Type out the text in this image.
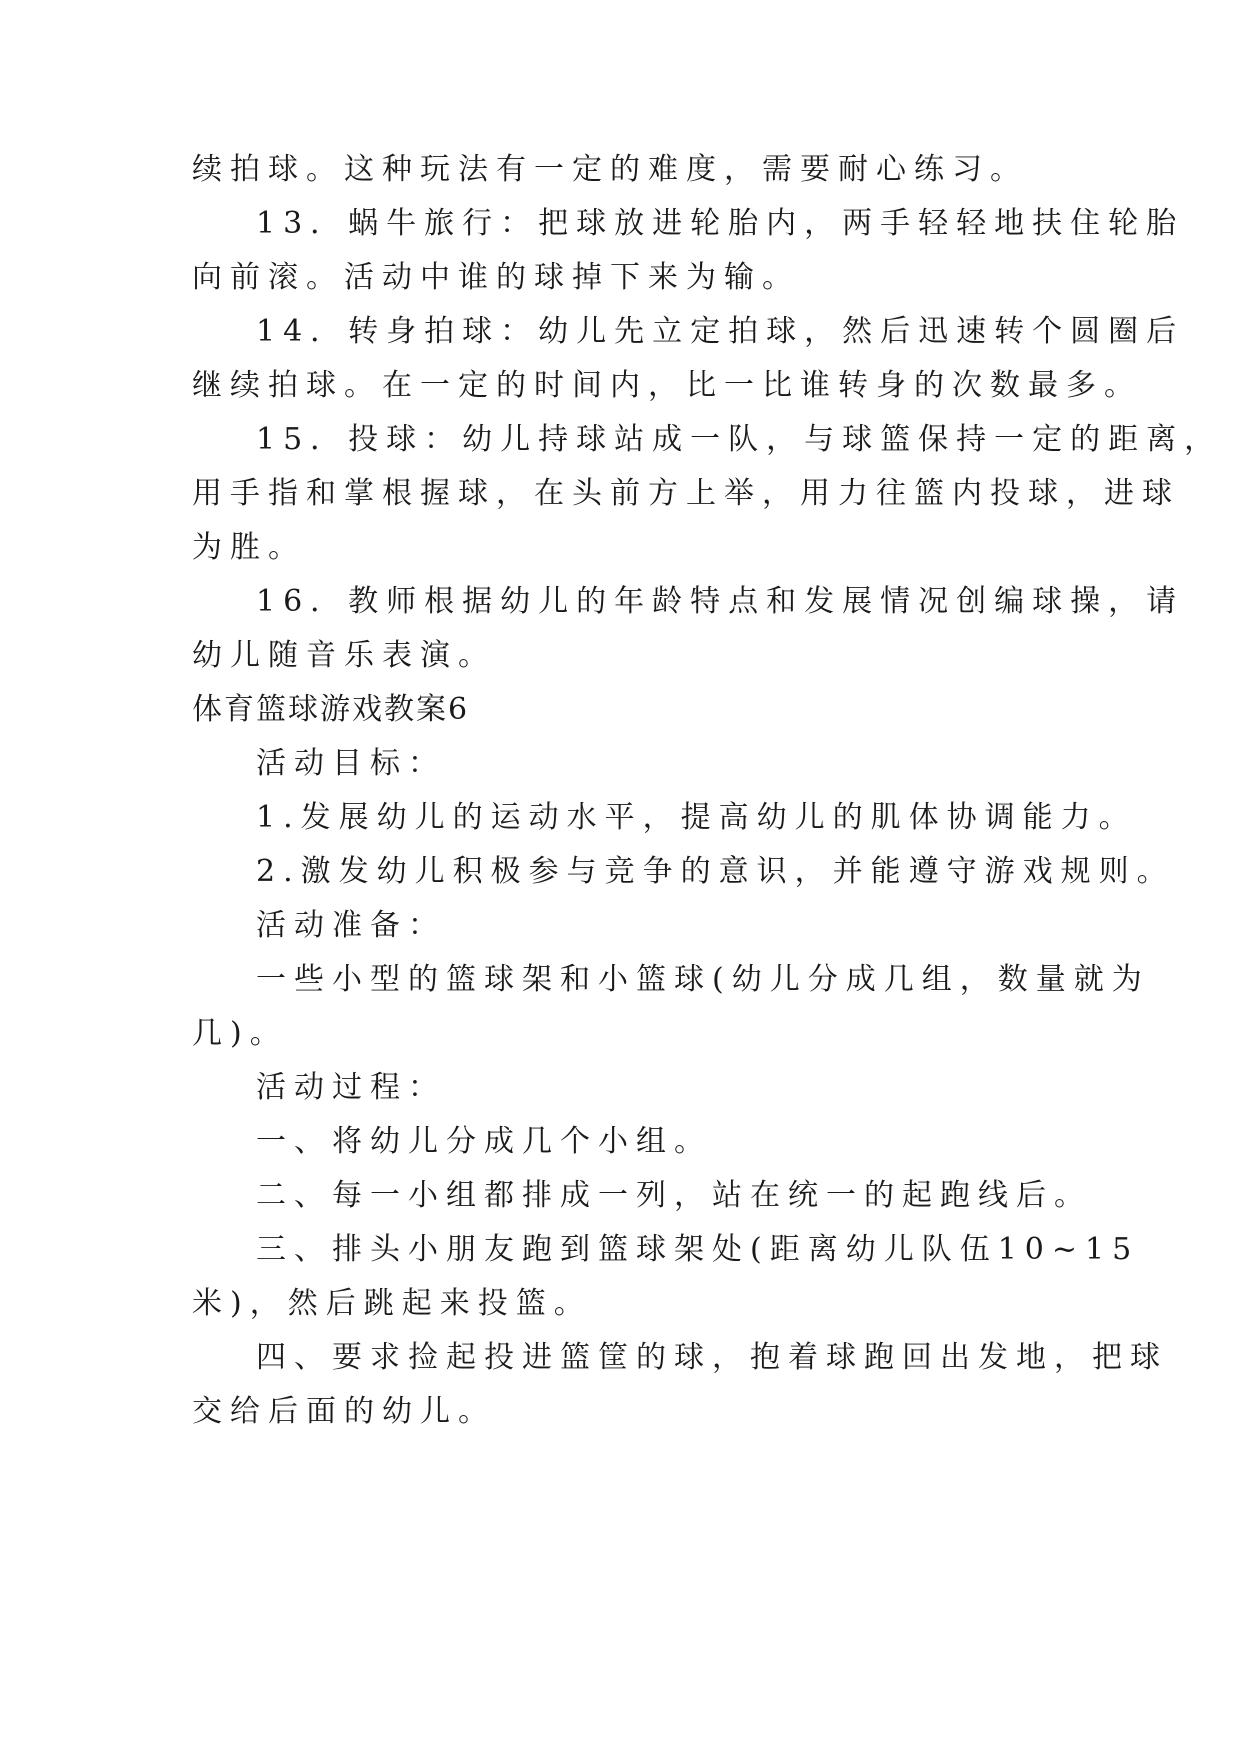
续拍球。这种玩法有一定的难度，需要耐心练习。
13．蜗牛旅行：把球放进轮胎内，两手轻轻地扶住轮胎
向前滚。活动中谁的球掉下来为输。
14．转身拍球：幼儿先立定拍球，然后迅速转个圆圈后
继续拍球。在一定的时间内，比一比谁转身的次数最多。
15．投球：幼儿持球站成一队，与球篮保持一定的距离，
用手指和掌根握球，在头前方上举，用力往篮内投球，进球
为胜。
16．教师根据幼儿的年龄特点和发展情况创编球操，请
幼儿随音乐表演。
体育篮球游戏教案6
活动目标：
1.发展幼儿的运动水平，提高幼儿的肌体协调能力。
2.激发幼儿积极参与竞争的意识，并能遵守游戏规则。
活动准备：
一些小型的篮球架和小篮球(幼儿分成几组，数量就为
几)。
活动过程：
一、将幼儿分成几个小组。
二、每一小组都排成一列，站在统一的起跑线后。
三、排头小朋友跑到篮球架处(距离幼儿队伍10~15
米)，然后跳起来投篮。
四、要求捡起投进篮筐的球，抱着球跑回出发地，把球
交给后面的幼儿。
